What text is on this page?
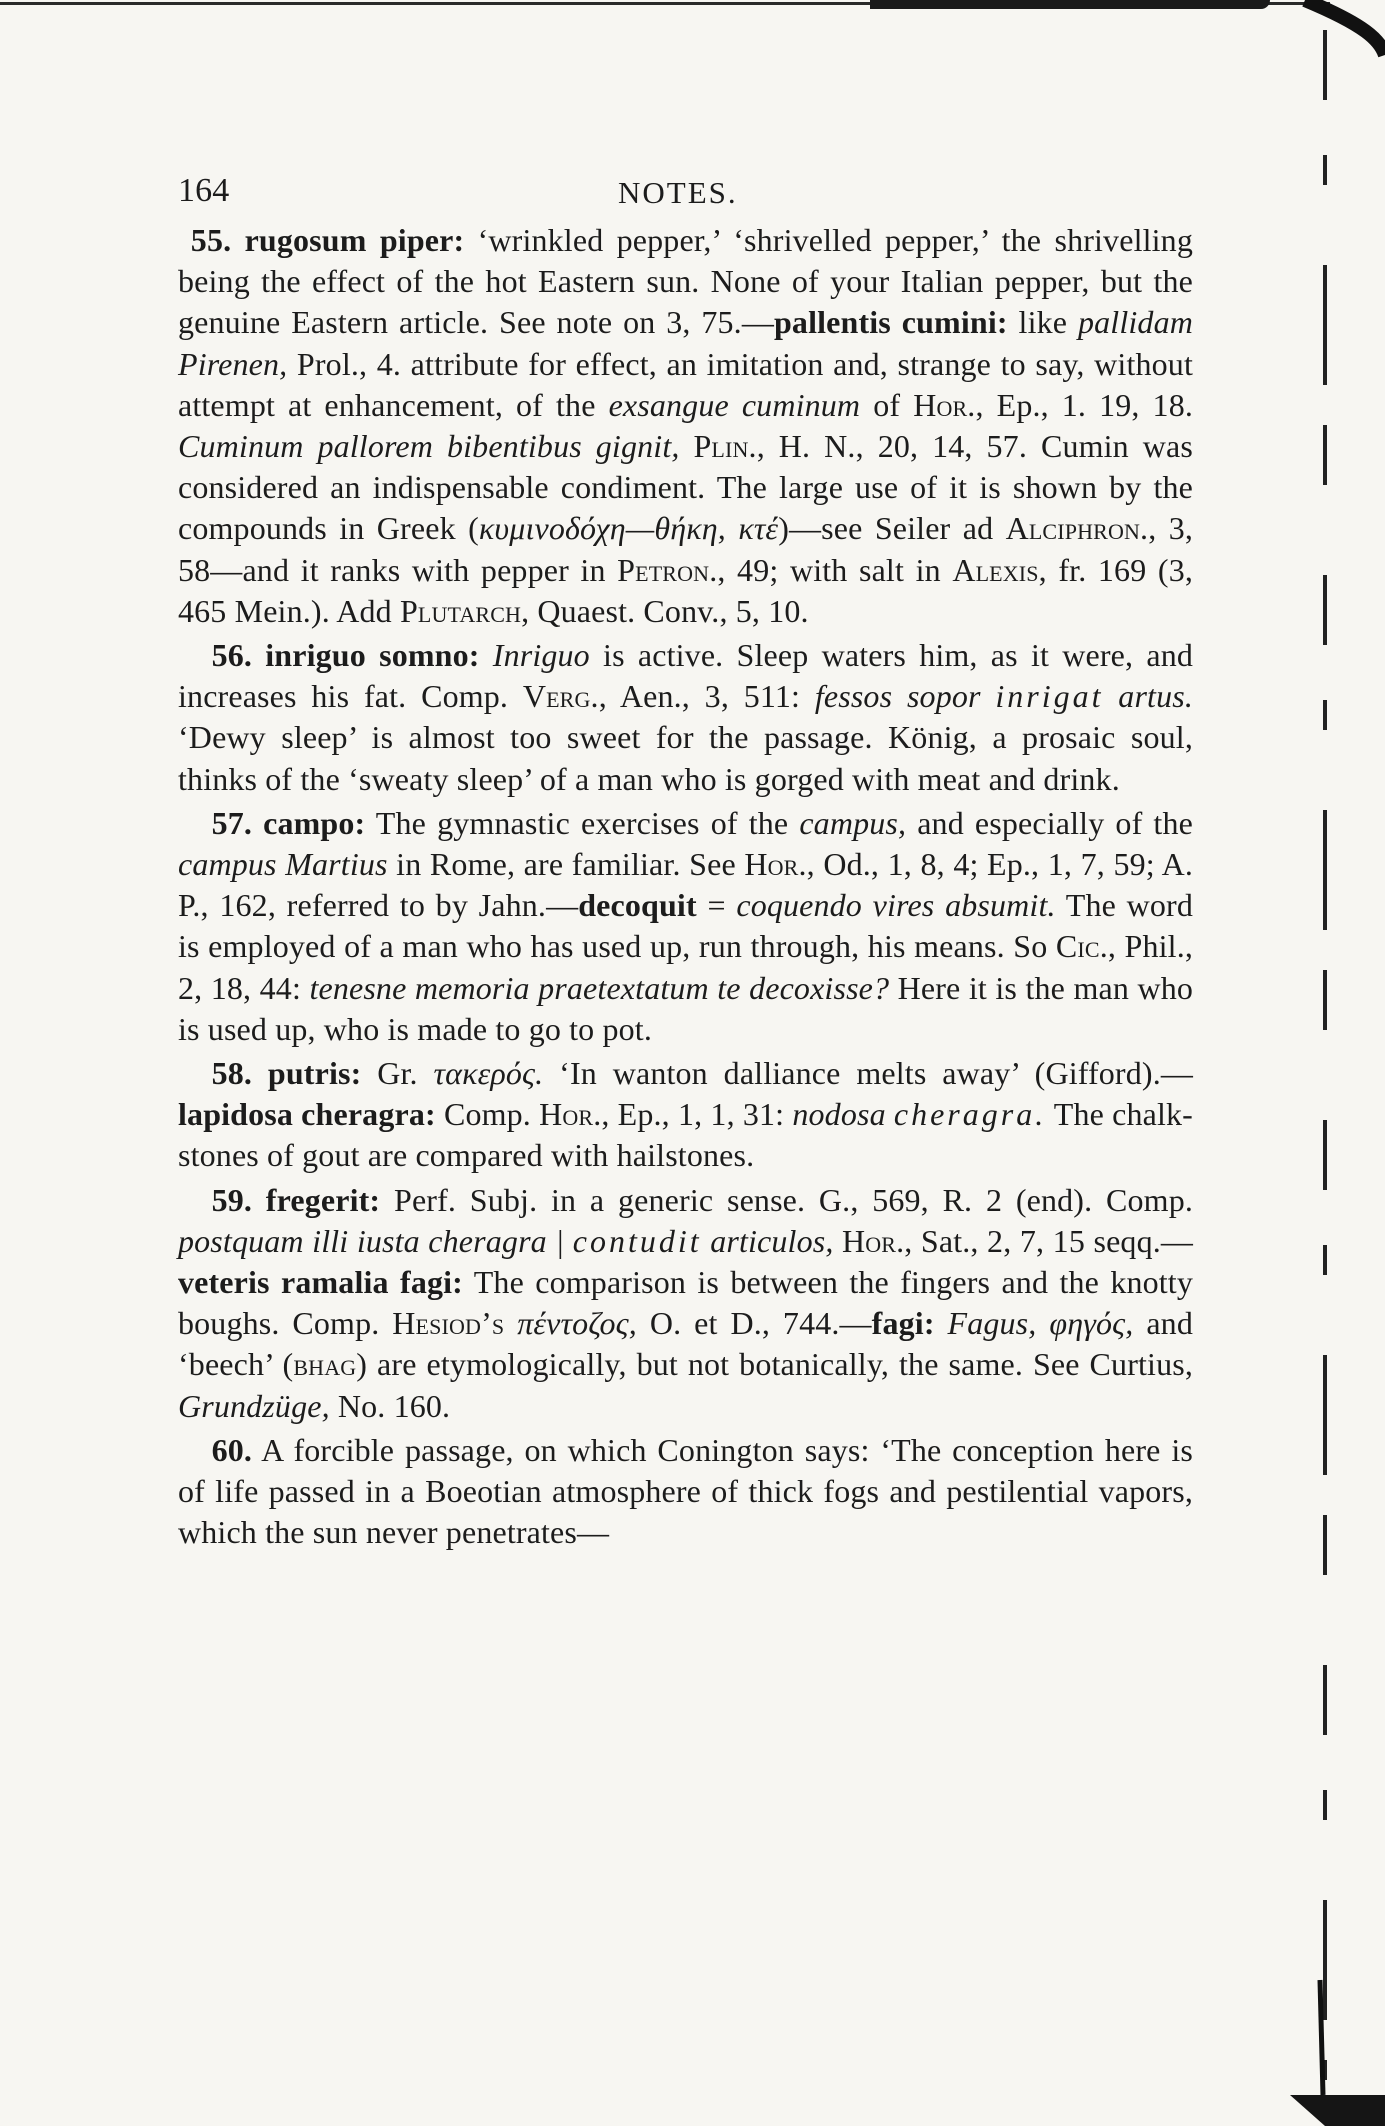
164	NOTES.

55. rugosum piper: ‘wrinkled pepper,’ ‘shrivelled pepper,’ the shrivelling being the effect of the hot Eastern sun. None of your Italian pepper, but the genuine Eastern article. See note on 3, 75.—pallentis cumini: like pallidam Pirenen, Prol., 4. attribute for effect, an imitation and, strange to say, without attempt at enhancement, of the exsangue cuminum of Hor., Ep., 1. 19, 18. Cuminum pallorem bibentibus gignit, Plin., H. N., 20, 14, 57. Cumin was considered an indispensable condiment. The large use of it is shown by the compounds in Greek (κυμινοδόχη—θήκη, κτέ)—see Seiler ad Alciphron., 3, 58—and it ranks with pepper in Petron., 49; with salt in Alexis, fr. 169 (3, 465 Mein.). Add Plutarch, Quaest. Conv., 5, 10.

56. inriguo somno: Inriguo is active. Sleep waters him, as it were, and increases his fat. Comp. Verg., Aen., 3, 511: fessos sopor inrigat artus. ‘Dewy sleep’ is almost too sweet for the passage. König, a prosaic soul, thinks of the ‘sweaty sleep’ of a man who is gorged with meat and drink.

57. campo: The gymnastic exercises of the campus, and especially of the campus Martius in Rome, are familiar. See Hor., Od., 1, 8, 4; Ep., 1, 7, 59; A. P., 162, referred to by Jahn.—decoquit = coquendo vires absumit. The word is employed of a man who has used up, run through, his means. So Cic., Phil., 2, 18, 44: tenesne memoria praetextatum te decoxisse? Here it is the man who is used up, who is made to go to pot.

58. putris: Gr. τακερός. ‘In wanton dalliance melts away’ (Gifford).—lapidosa cheragra: Comp. Hor., Ep., 1, 1, 31: nodosa cheragra. The chalk-stones of gout are compared with hailstones.

59. fregerit: Perf. Subj. in a generic sense. G., 569, R. 2 (end). Comp. postquam illi iusta cheragra | contudit articulos, Hor., Sat., 2, 7, 15 seqq.—veteris ramalia fagi: The comparison is between the fingers and the knotty boughs. Comp. Hesiod’s πέντοζος, O. et D., 744.—fagi: Fagus, φηγός, and ‘beech’ (bhag) are etymologically, but not botanically, the same. See Curtius, Grundzüge, No. 160.

60. A forcible passage, on which Conington says: ‘The conception here is of life passed in a Boeotian atmosphere of thick fogs and pestilential vapors, which the sun never penetrates—
